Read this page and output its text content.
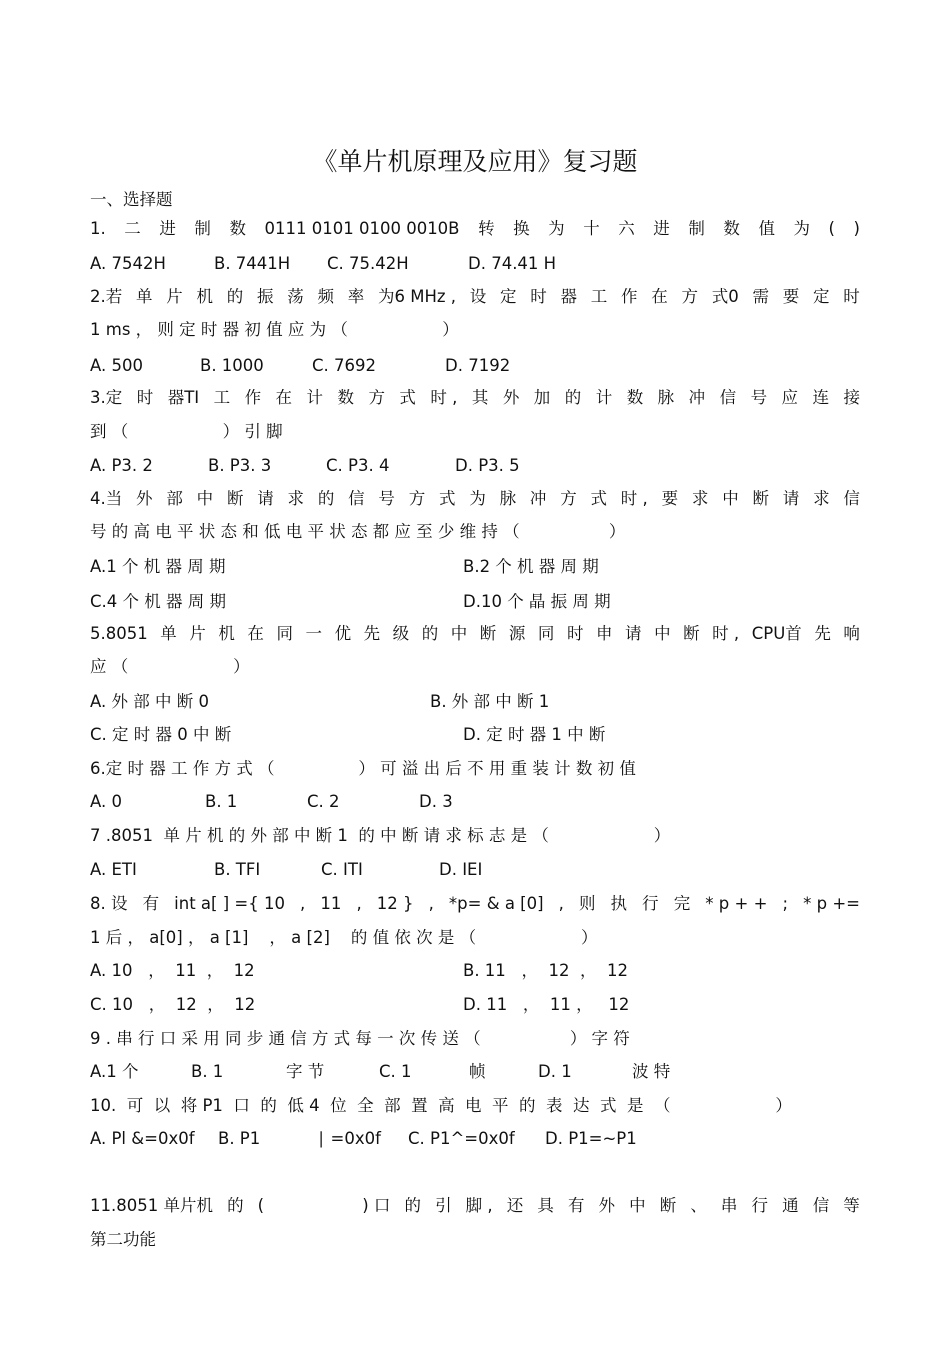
《单片机原理及应用》复习题
一、选择题
1. 二 进 制 数 0111 0101 0100 0010B 转 换 为 十 六 进 制 数 值 为 ( )
A. 7542H	B. 7441H C. 75.42H	D. 74.41 H
2.若 单 片 机 的 振 荡 频 率 为6 MHz , 设 定 时 器 工 作 在 方 式0 需 要 定 时
1 ms ， 则 定 时 器 初 值 应 为 （                  ）
A. 500	B. 1000	C. 7692	D. 7192
3.定 时 器TI 工 作 在 计 数 方 式 时 , 其 外 加 的 计 数 脉 冲 信 号 应 连 接
到 （                  ） 引 脚
A. P3. 2	B. P3. 3	C. P3. 4	D. P3. 5
4.当 外 部 中 断 请 求 的 信 号 方 式 为 脉 冲 方 式 时 , 要 求 中 断 请 求 信
号 的 高 电 平 状 态 和 低 电 平 状 态 都 应 至 少 维 持 （                 ）
A.1 个 机 器 周 期	B.2 个 机 器 周 期
C.4 个 机 器 周 期	D.10 个 晶 振 周 期
5.8051 单 片 机 在 同 一 优 先 级 的 中 断 源 同 时 申 请 中 断 时 , CPU首 先 响
应 （                    ）
A. 外 部 中 断 0	B. 外 部 中 断 1
C. 定 时 器 0 中 断	D. 定 时 器 1 中 断
6.定 时 器 工 作 方 式 （                ） 可 溢 出 后 不 用 重 装 计 数 初 值
A. 0	B. 1	C. 2	D. 3
7 .8051  单 片 机 的 外 部 中 断 1  的 中 断 请 求 标 志 是 （                    ）
A. ETI	B. TFI	C. ITI	D. IEI
8. 设 有 int a[ ] ={ 10 , 11 , 12 } , *p= & a [0] , 则 执 行 完 * p + + ; * p +=
1 后 ， a[0] ， a [1]    ， a [2]    的 值 依 次 是 （                    ）
A. 10   ，  11  ，  12	B. 11   ，  12  ，  12
C. 10   ，  12  ，  12	D. 11   ，  11 ，   12
9 . 串 行 口 采 用 同 步 通 信 方 式 每 一 次 传 送 （                 ） 字 符
A.1 个	B. 1	字 节	C. 1	帧	D. 1	波 特
10.  可  以  将 P1  口  的  低 4  位  全  部  置  高  电  平  的  表  达  式  是  （                    ）
A. Pl &=0x0f B. P1	∣ =0x0f C. P1^=0x0f D. P1=~P1
11.8051 单片机 的 (	) 口 的 引 脚 , 还 具 有 外 中 断 、 串 行 通 信 等
第二功能
